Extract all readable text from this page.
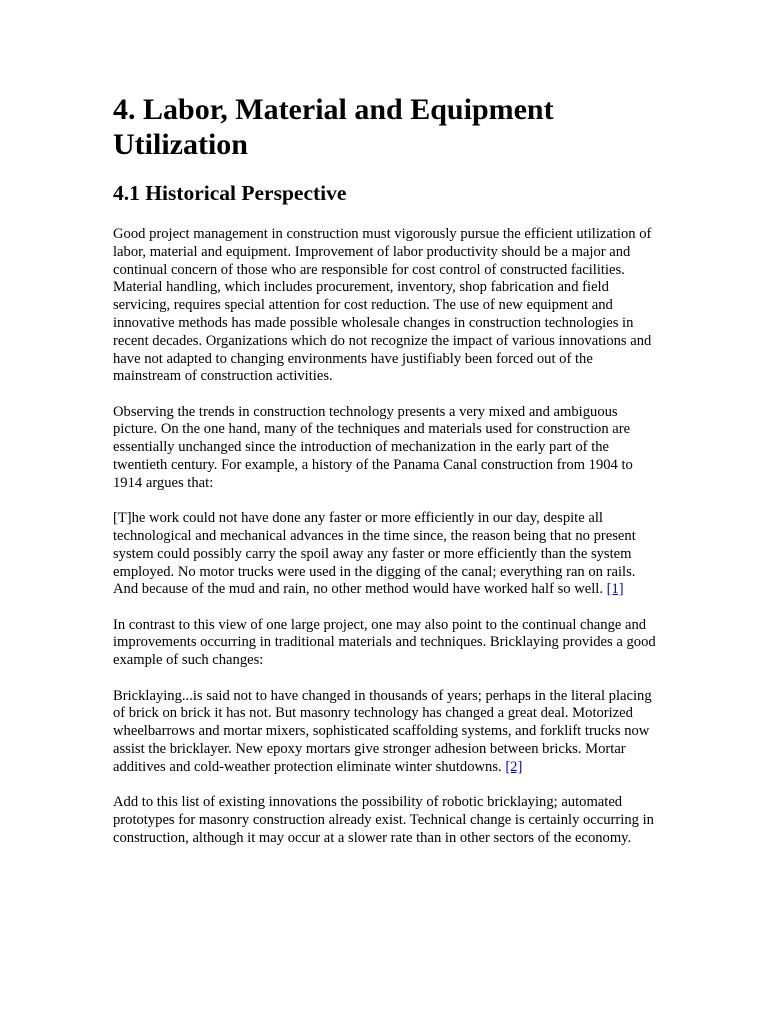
4. Labor, Material and Equipment Utilization
4.1 Historical Perspective

Good project management in construction must vigorously pursue the efficient utilization of labor, material and equipment. Improvement of labor productivity should be a major and continual concern of those who are responsible for cost control of constructed facilities. Material handling, which includes procurement, inventory, shop fabrication and field servicing, requires special attention for cost reduction. The use of new equipment and innovative methods has made possible wholesale changes in construction technologies in recent decades. Organizations which do not recognize the impact of various innovations and have not adapted to changing environments have justifiably been forced out of the mainstream of construction activities.

Observing the trends in construction technology presents a very mixed and ambiguous picture. On the one hand, many of the techniques and materials used for construction are essentially unchanged since the introduction of mechanization in the early part of the twentieth century. For example, a history of the Panama Canal construction from 1904 to 1914 argues that:

[T]he work could not have done any faster or more efficiently in our day, despite all technological and mechanical advances in the time since, the reason being that no present system could possibly carry the spoil away any faster or more efficiently than the system employed. No motor trucks were used in the digging of the canal; everything ran on rails. And because of the mud and rain, no other method would have worked half so well. [1]

In contrast to this view of one large project, one may also point to the continual change and improvements occurring in traditional materials and techniques. Bricklaying provides a good example of such changes:

Bricklaying...is said not to have changed in thousands of years; perhaps in the literal placing of brick on brick it has not. But masonry technology has changed a great deal. Motorized wheelbarrows and mortar mixers, sophisticated scaffolding systems, and forklift trucks now assist the bricklayer. New epoxy mortars give stronger adhesion between bricks. Mortar additives and cold-weather protection eliminate winter shutdowns. [2]

Add to this list of existing innovations the possibility of robotic bricklaying; automated prototypes for masonry construction already exist. Technical change is certainly occurring in construction, although it may occur at a slower rate than in other sectors of the economy.
